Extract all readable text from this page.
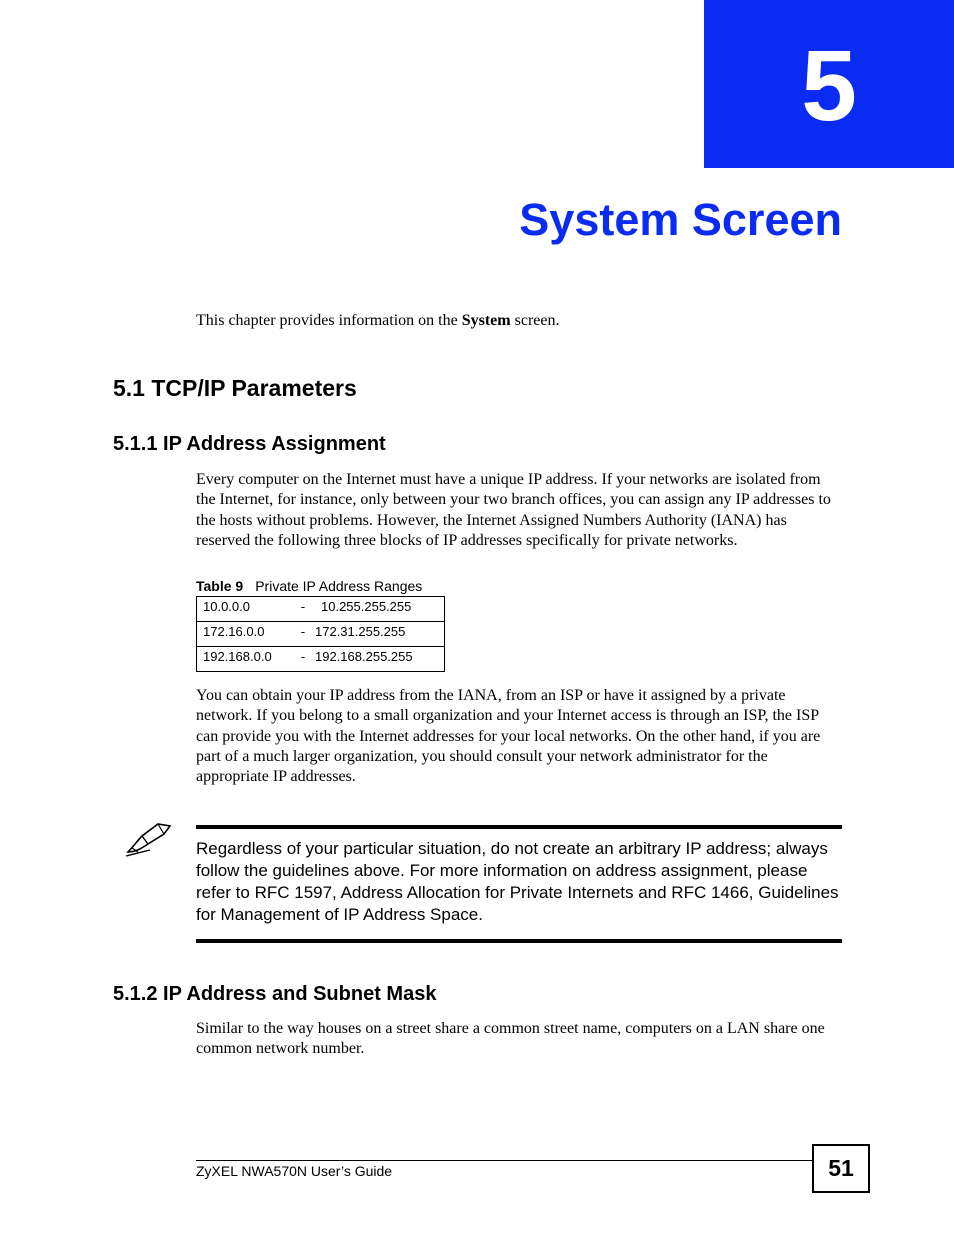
5
System Screen

This chapter provides information on the System screen.

5.1 TCP/IP Parameters
5.1.1 IP Address Assignment

Every computer on the Internet must have a unique IP address. If your networks are isolated from the Internet, for instance, only between your two branch offices, you can assign any IP addresses to the hosts without problems. However, the Internet Assigned Numbers Authority (IANA) has reserved the following three blocks of IP addresses specifically for private networks.

Table 9 Private IP Address Ranges
10.0.0.0	-	10.255.255.255

172.16.0.0	- 172.31.255.255

192.168.0.0	- 192.168.255.255

You can obtain your IP address from the IANA, from an ISP or have it assigned by a private network. If you belong to a small organization and your Internet access is through an ISP, the ISP can provide you with the Internet addresses for your local networks. On the other hand, if you are part of a much larger organization, you should consult your network administrator for the appropriate IP addresses.

Regardless of your particular situation, do not create an arbitrary IP address; always follow the guidelines above. For more information on address assignment, please refer to RFC 1597, Address Allocation for Private Internets and RFC 1466, Guidelines for Management of IP Address Space.

5.1.2 IP Address and Subnet Mask

Similar to the way houses on a street share a common street name, computers on a LAN share one common network number.

ZyXEL NWA570N User’s Guide	51
